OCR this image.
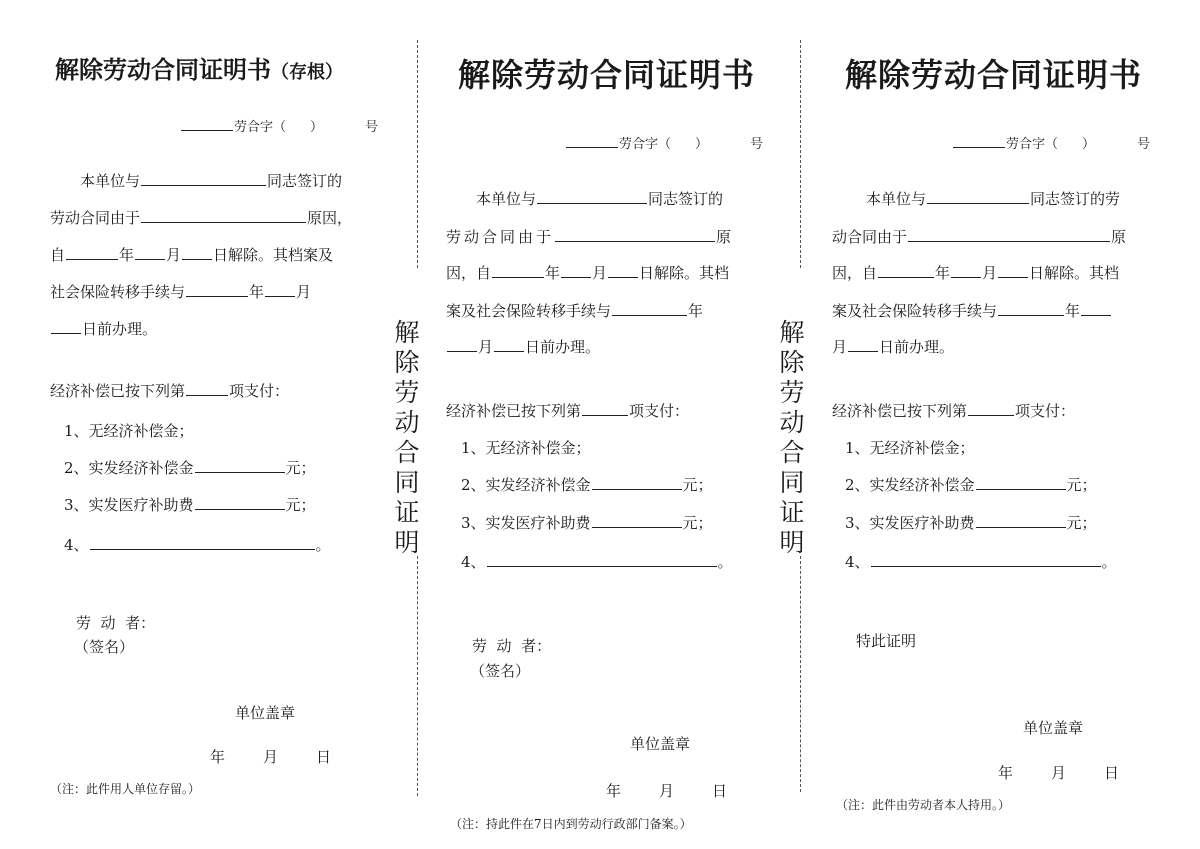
解除劳动合同证明书（存根）
劳合字（ ）	号
本单位与	同志签订的
劳动合同由于	原因，
自	年 月 日解除。其档案及
社会保险转移手续与	年 月
日前办理。
经济补偿已按下列第	项支付：
1、无经济补偿金；
2、实发经济补偿金	元；
3、实发医疗补助费	元；
4、	。
劳  动  者：
（签名）
单位盖章
年	月	日
（注：此件用人单位存留。）
解
除
劳
动
合
同
证
明
解除劳动合同证明书
劳合字（ ）	号
本单位与	同志签订的
劳动合同由于	原
因，自	年 月 日解除。其档
案及社会保险转移手续与	年
月 日前办理。
经济补偿已按下列第	项支付：
1、无经济补偿金；
2、实发经济补偿金	元；
3、实发医疗补助费	元；
4、	。
劳  动  者：
（签名）
单位盖章
年	月	日
（注：持此件在7日内到劳动行政部门备案。）
解
除
劳
动
合
同
证
明
解除劳动合同证明书
劳合字（ ）	号
本单位与	同志签订的劳
动合同由于	原
因，自	年 月 日解除。其档
案及社会保险转移手续与	年
月 日前办理。
经济补偿已按下列第	项支付：
1、无经济补偿金；
2、实发经济补偿金	元；
3、实发医疗补助费	元；
4、	。
特此证明
单位盖章
年	月	日
（注：此件由劳动者本人持用。）
